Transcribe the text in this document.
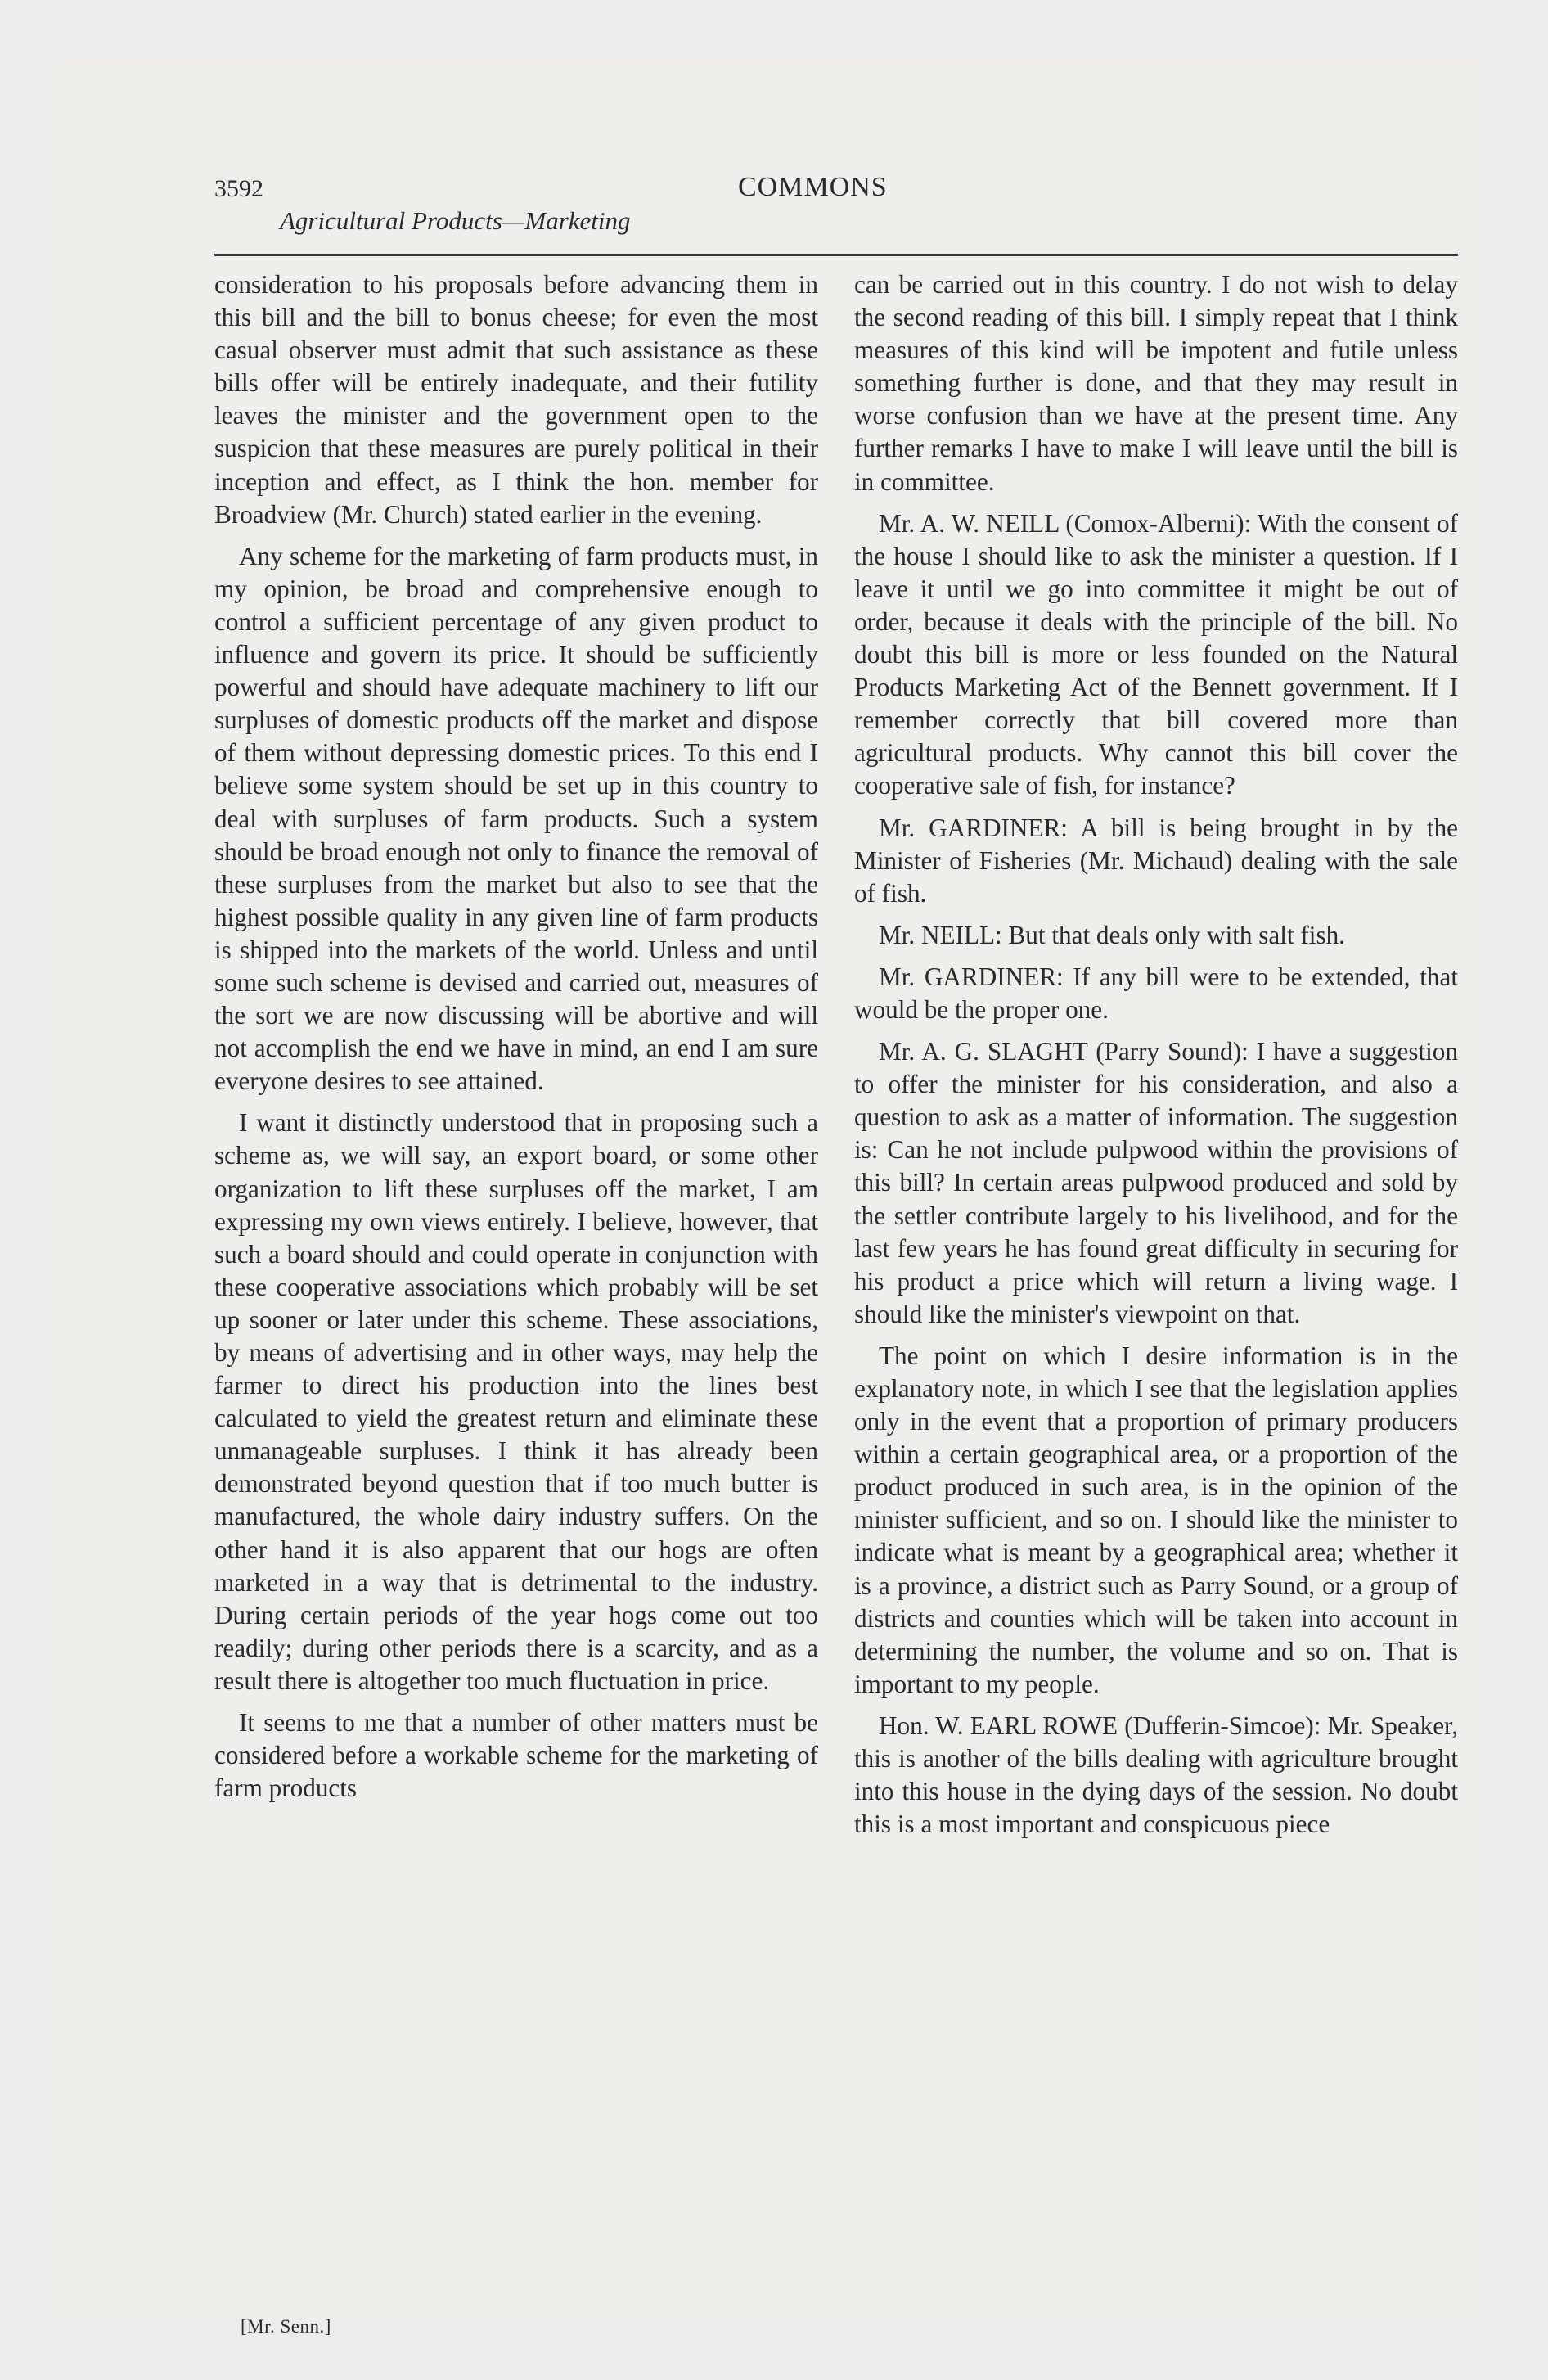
3592	COMMONS
Agricultural Products—Marketing

consideration to his proposals before advancing them in this bill and the bill to bonus cheese; for even the most casual observer must admit that such assistance as these bills offer will be entirely inadequate, and their futility leaves the minister and the government open to the suspicion that these measures are purely political in their inception and effect, as I think the hon. member for Broadview (Mr. Church) stated earlier in the evening.

Any scheme for the marketing of farm products must, in my opinion, be broad and comprehensive enough to control a sufficient percentage of any given product to influence and govern its price. It should be sufficiently powerful and should have adequate machinery to lift our surpluses of domestic products off the market and dispose of them without depressing domestic prices. To this end I believe some system should be set up in this country to deal with surpluses of farm products. Such a system should be broad enough not only to finance the removal of these surpluses from the market but also to see that the highest possible quality in any given line of farm products is shipped into the markets of the world. Unless and until some such scheme is devised and carried out, measures of the sort we are now discussing will be abortive and will not accomplish the end we have in mind, an end I am sure everyone desires to see attained.

I want it distinctly understood that in proposing such a scheme as, we will say, an export board, or some other organization to lift these surpluses off the market, I am expressing my own views entirely. I believe, however, that such a board should and could operate in conjunction with these cooperative associations which probably will be set up sooner or later under this scheme. These associations, by means of advertising and in other ways, may help the farmer to direct his production into the lines best calculated to yield the greatest return and eliminate these unmanageable surpluses. I think it has already been demonstrated beyond question that if too much butter is manufactured, the whole dairy industry suffers. On the other hand it is also apparent that our hogs are often marketed in a way that is detrimental to the industry. During certain periods of the year hogs come out too readily; during other periods there is a scarcity, and as a result there is altogether too much fluctuation in price.

It seems to me that a number of other matters must be considered before a workable scheme for the marketing of farm products

can be carried out in this country. I do not wish to delay the second reading of this bill. I simply repeat that I think measures of this kind will be impotent and futile unless something further is done, and that they may result in worse confusion than we have at the present time. Any further remarks I have to make I will leave until the bill is in committee.

Mr. A. W. NEILL (Comox-Alberni): With the consent of the house I should like to ask the minister a question. If I leave it until we go into committee it might be out of order, because it deals with the principle of the bill. No doubt this bill is more or less founded on the Natural Products Marketing Act of the Bennett government. If I remember correctly that bill covered more than agricultural products. Why cannot this bill cover the cooperative sale of fish, for instance?

Mr. GARDINER: A bill is being brought in by the Minister of Fisheries (Mr. Michaud) dealing with the sale of fish.

Mr. NEILL: But that deals only with salt fish.

Mr. GARDINER: If any bill were to be extended, that would be the proper one.

Mr. A. G. SLAGHT (Parry Sound): I have a suggestion to offer the minister for his consideration, and also a question to ask as a matter of information. The suggestion is: Can he not include pulpwood within the provisions of this bill? In certain areas pulpwood produced and sold by the settler contribute largely to his livelihood, and for the last few years he has found great difficulty in securing for his product a price which will return a living wage. I should like the minister's viewpoint on that.

The point on which I desire information is in the explanatory note, in which I see that the legislation applies only in the event that a proportion of primary producers within a certain geographical area, or a proportion of the product produced in such area, is in the opinion of the minister sufficient, and so on. I should like the minister to indicate what is meant by a geographical area; whether it is a province, a district such as Parry Sound, or a group of districts and counties which will be taken into account in determining the number, the volume and so on. That is important to my people.

Hon. W. EARL ROWE (Dufferin-Simcoe): Mr. Speaker, this is another of the bills dealing with agriculture brought into this house in the dying days of the session. No doubt this is a most important and conspicuous piece

[Mr. Senn.]
